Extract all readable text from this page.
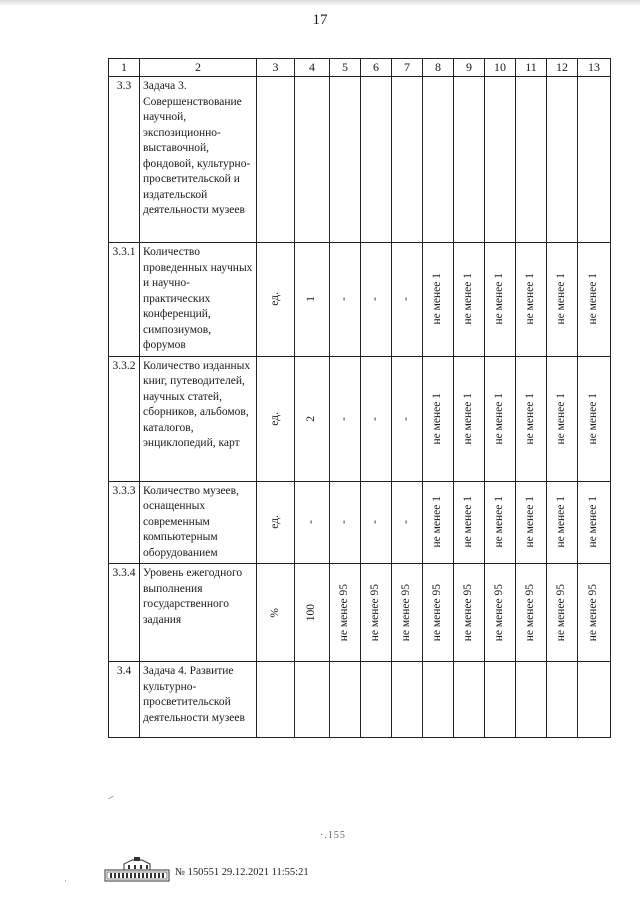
17
1	2	3	4	5	6	7	8	9	10	11	12	13
3.3	Задача 3. Совершенствование научной, экспозиционно-выставочной, фондовой, культурно-просветительской и издательской деятельности музеев	

3.3.1	Количество проведенных научных и научно-практических конференций, симпозиумов, форумов	ед.	1	-	-	-	не менее 1	не менее 1	не менее 1	не менее 1	не менее 1	не менее 1

3.3.2	Количество изданных книг, путеводителей, научных статей, сборников, альбомов, каталогов, энциклопедий, карт	ед.	2	-	-	-	не менее 1	не менее 1	не менее 1	не менее 1	не менее 1	не менее 1

3.3.3	Количество музеев, оснащенных современным компьютерным оборудованием	ед.	-	-	-	-	не менее 1	не менее 1	не менее 1	не менее 1	не менее 1	не менее 1

3.3.4	Уровень ежегодного выполнения государственного задания	%	100	не менее 95	не менее 95	не менее 95	не менее 95	не менее 95	не менее 95	не менее 95	не менее 95	не менее 95

3.4	Задача 4. Развитие культурно-просветительской деятельности музеев	

·.155
·
№ 150551 29.12.2021 11:55:21
